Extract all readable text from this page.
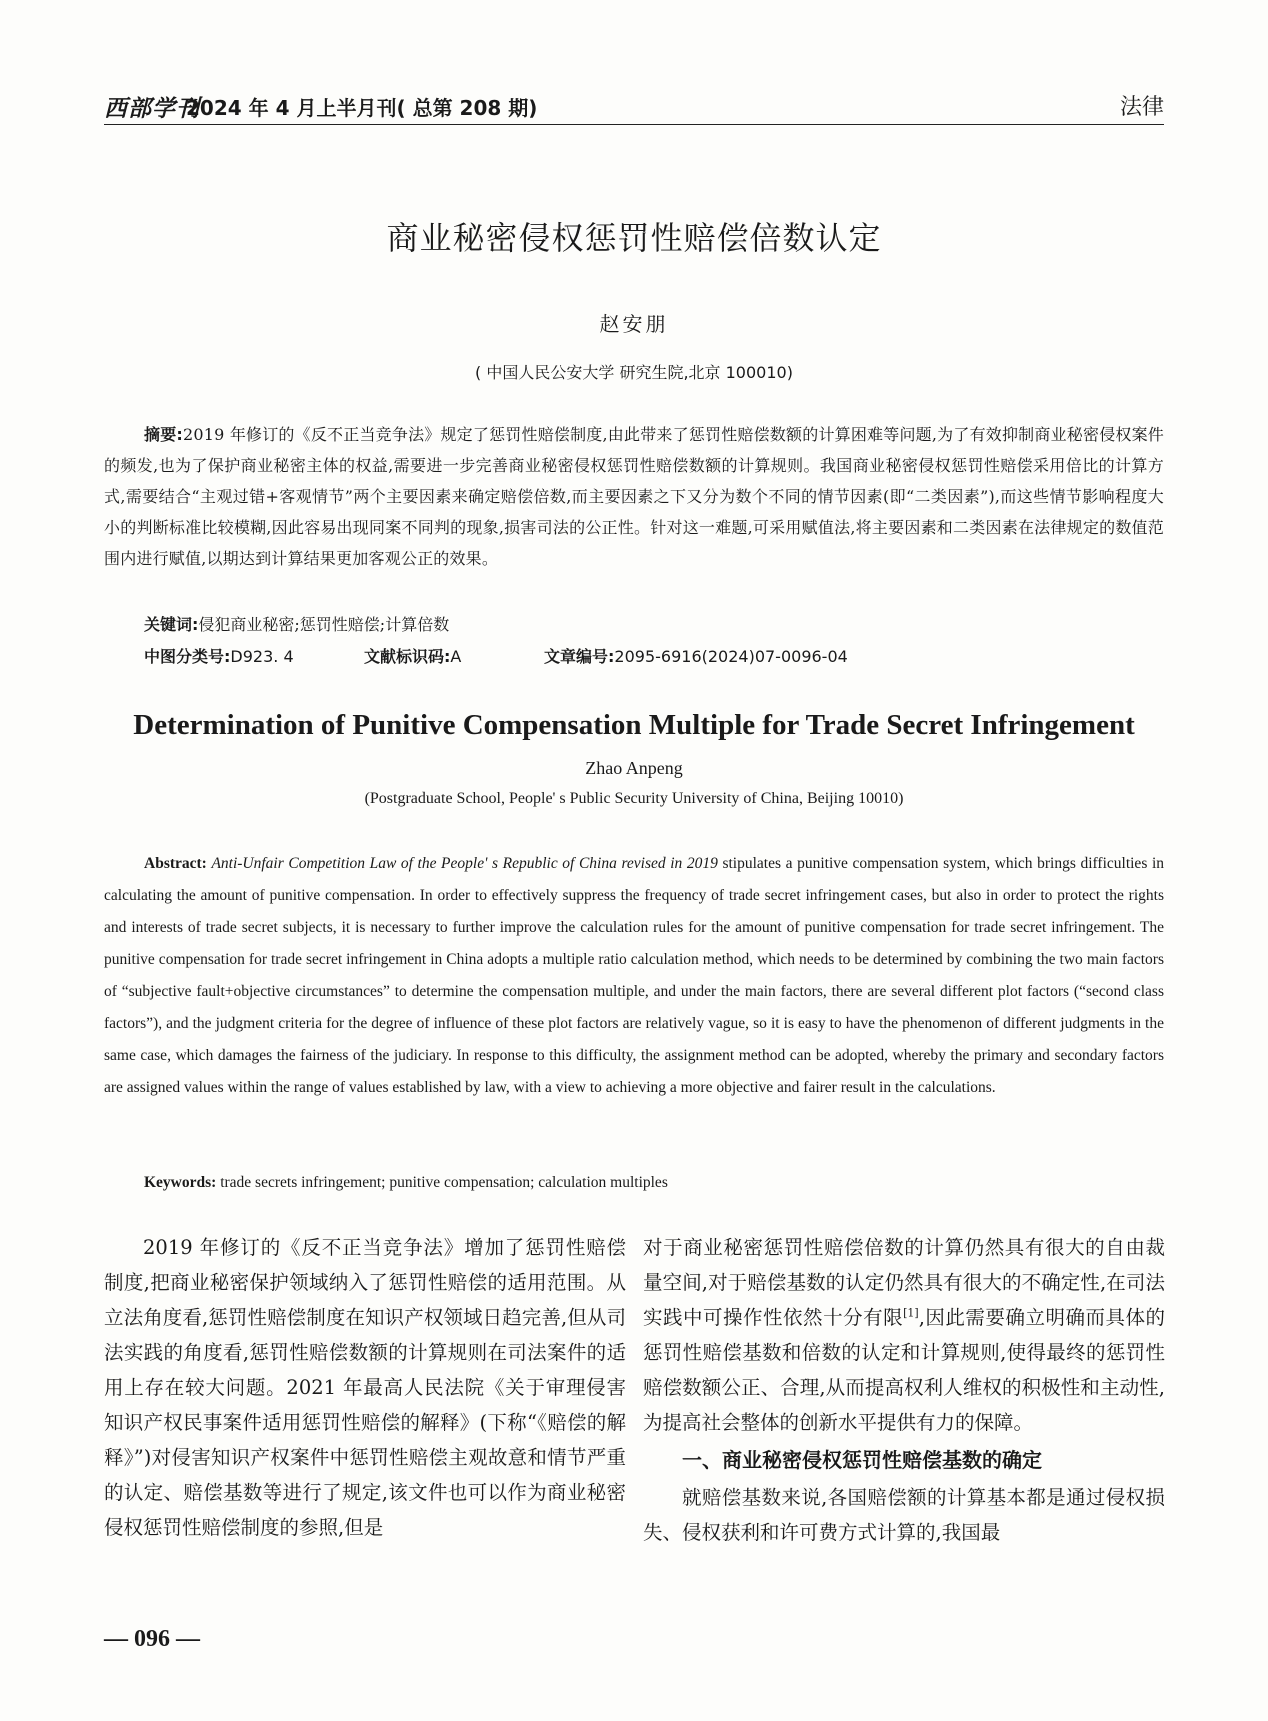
西部学刊
2024 年 4 月上半月刊( 总第 208 期)	法律
商业秘密侵权惩罚性赔偿倍数认定
赵安朋
( 中国人民公安大学 研究生院,北京 100010)
摘要:2019 年修订的《反不正当竞争法》规定了惩罚性赔偿制度,由此带来了惩罚性赔偿数额的计算困难等问题,为了有效抑制商业秘密侵权案件的频发,也为了保护商业秘密主体的权益,需要进一步完善商业秘密侵权惩罚性赔偿数额的计算规则。我国商业秘密侵权惩罚性赔偿采用倍比的计算方式,需要结合“主观过错+客观情节”两个主要因素来确定赔偿倍数,而主要因素之下又分为数个不同的情节因素(即“二类因素”),而这些情节影响程度大小的判断标准比较模糊,因此容易出现同案不同判的现象,损害司法的公正性。针对这一难题,可采用赋值法,将主要因素和二类因素在法律规定的数值范围内进行赋值,以期达到计算结果更加客观公正的效果。
关键词:侵犯商业秘密;惩罚性赔偿;计算倍数
中图分类号:D923. 4	文献标识码:A	文章编号:2095-6916(2024)07-0096-04
Determination of Punitive Compensation Multiple for Trade Secret Infringement
Zhao Anpeng
(Postgraduate School, People' s Public Security University of China, Beijing 10010)
Abstract: Anti-Unfair Competition Law of the People' s Republic of China revised in 2019 stipulates a punitive compensation system, which brings difficulties in calculating the amount of punitive compensation. In order to effectively suppress the frequency of trade secret infringement cases, but also in order to protect the rights and interests of trade secret subjects, it is necessary to further improve the calculation rules for the amount of punitive compensation for trade secret infringement. The punitive compensation for trade secret infringement in China adopts a multiple ratio calculation method, which needs to be determined by combining the two main factors of “subjective fault+objective circumstances” to determine the compensation multiple, and under the main factors, there are several different plot factors (“second class factors”), and the judgment criteria for the degree of influence of these plot factors are relatively vague, so it is easy to have the phenomenon of different judgments in the same case, which damages the fairness of the judiciary. In response to this difficulty, the assignment method can be adopted, whereby the primary and secondary factors are assigned values within the range of values established by law, with a view to achieving a more objective and fairer result in the calculations.
Keywords: trade secrets infringement; punitive compensation; calculation multiples

2019 年修订的《反不正当竞争法》增加了惩罚性赔偿制度,把商业秘密保护领域纳入了惩罚性赔偿的适用范围。从立法角度看,惩罚性赔偿制度在知识产权领域日趋完善,但从司法实践的角度看,惩罚性赔偿数额的计算规则在司法案件的适用上存在较大问题。2021 年最高人民法院《关于审理侵害知识产权民事案件适用惩罚性赔偿的解释》(下称“《赔偿的解释》”)对侵害知识产权案件中惩罚性赔偿主观故意和情节严重的认定、赔偿基数等进行了规定,该文件也可以作为商业秘密侵权惩罚性赔偿制度的参照,但是

对于商业秘密惩罚性赔偿倍数的计算仍然具有很大的自由裁量空间,对于赔偿基数的认定仍然具有很大的不确定性,在司法实践中可操作性依然十分有限[1],因此需要确立明确而具体的惩罚性赔偿基数和倍数的认定和计算规则,使得最终的惩罚性赔偿数额公正、合理,从而提高权利人维权的积极性和主动性,为提高社会整体的创新水平提供有力的保障。

一、商业秘密侵权惩罚性赔偿基数的确定

就赔偿基数来说,各国赔偿额的计算基本都是通过侵权损失、侵权获利和许可费方式计算的,我国最

— 096 —
